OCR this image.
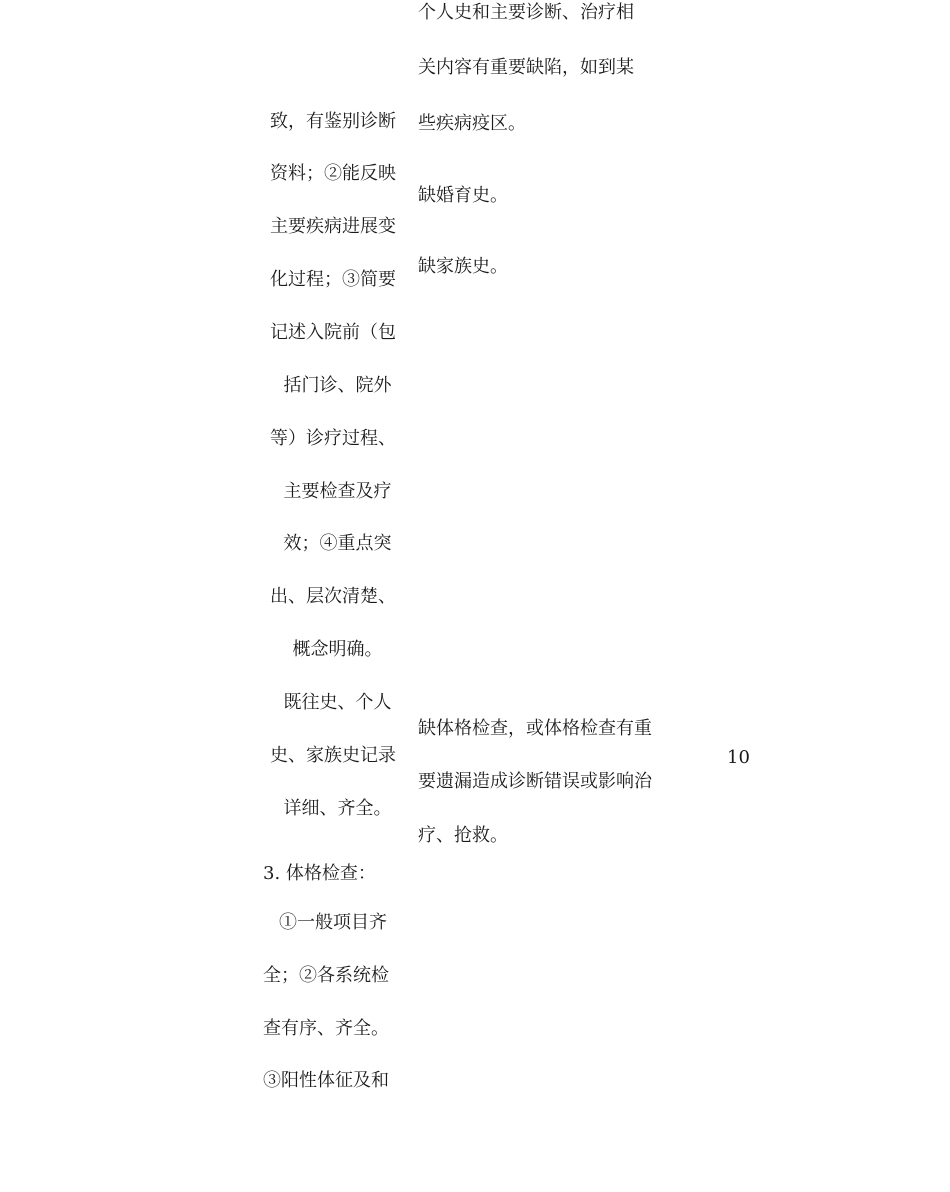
致，有鉴别诊断
资料；②能反映
主要疾病进展变
化过程；③简要
记述入院前（包
括门诊、院外
等）诊疗过程、
主要检查及疗
效；④重点突
出、层次清楚、
概念明确。
既往史、个人
史、家族史记录
详细、齐全。
3. 体格检查：
①一般项目齐
全；②各系统检
查有序、齐全。
③阳性体征及和
个人史和主要诊断、治疗相
关内容有重要缺陷，如到某
些疾病疫区。
缺婚育史。
缺家族史。
缺体格检查，或体格检查有重
要遗漏造成诊断错误或影响治
疗、抢救。
10
